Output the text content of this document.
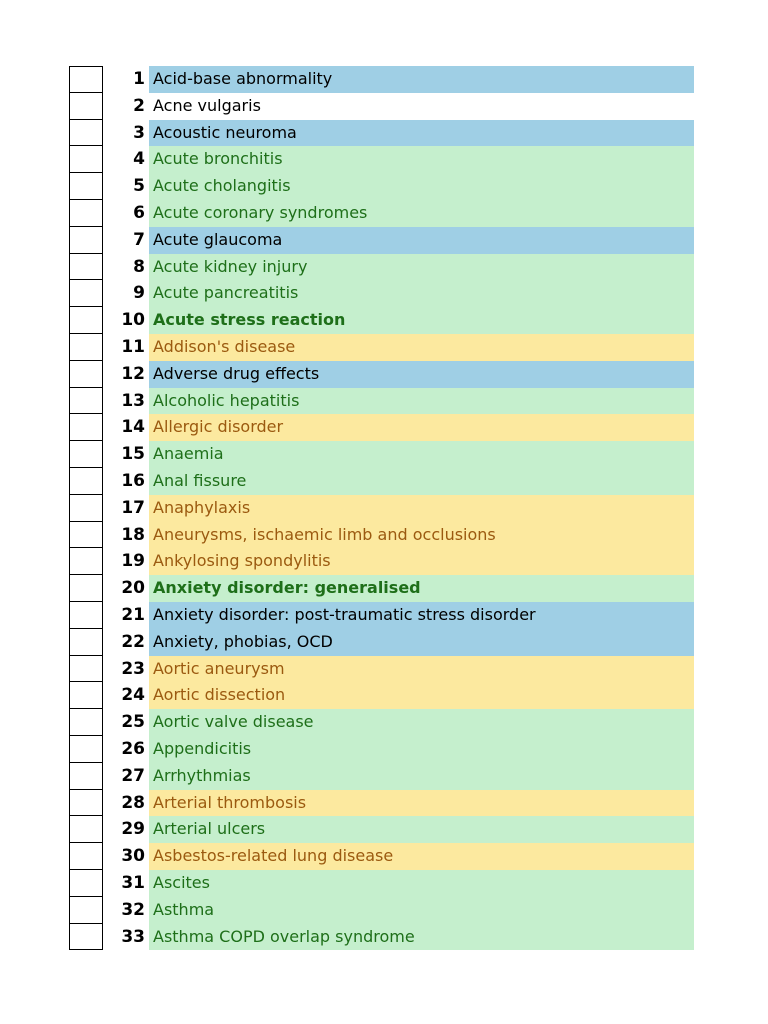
1 Acid-base abnormality
2 Acne vulgaris
3 Acoustic neuroma
4 Acute bronchitis
5 Acute cholangitis
6 Acute coronary syndromes
7 Acute glaucoma
8 Acute kidney injury
9 Acute pancreatitis
10 Acute stress reaction
11 Addison's disease
12 Adverse drug effects
13 Alcoholic hepatitis
14 Allergic disorder
15 Anaemia
16 Anal fissure
17 Anaphylaxis
18 Aneurysms, ischaemic limb and occlusions
19 Ankylosing spondylitis
20 Anxiety disorder: generalised
21 Anxiety disorder: post-traumatic stress disorder
22 Anxiety, phobias, OCD
23 Aortic aneurysm
24 Aortic dissection
25 Aortic valve disease
26 Appendicitis
27 Arrhythmias
28 Arterial thrombosis
29 Arterial ulcers
30 Asbestos-related lung disease
31 Ascites
32 Asthma
33 Asthma COPD overlap syndrome
